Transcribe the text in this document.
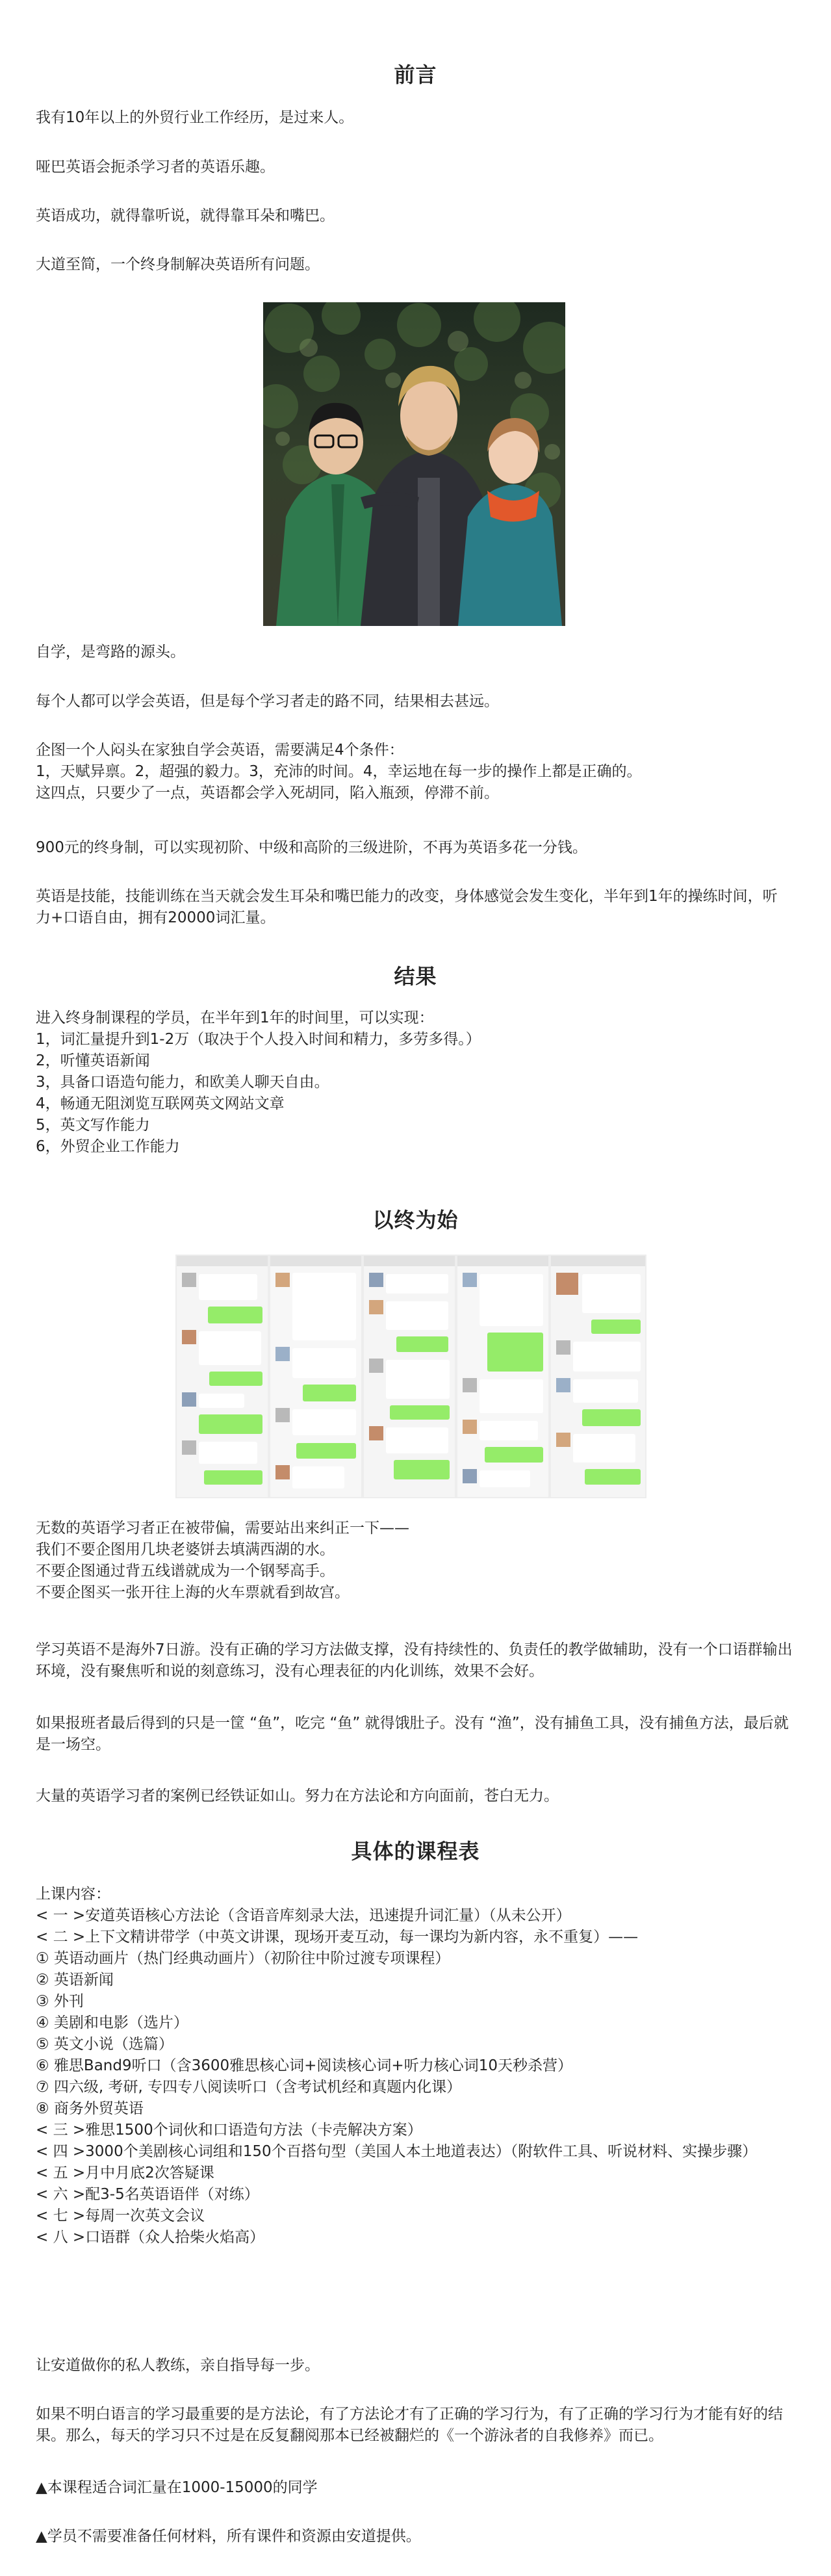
前言

我有10年以上的外贸行业工作经历，是过来人。

哑巴英语会扼杀学习者的英语乐趣。

英语成功，就得靠听说，就得靠耳朵和嘴巴。

大道至简，一个终身制解决英语所有问题。

自学，是弯路的源头。

每个人都可以学会英语，但是每个学习者走的路不同，结果相去甚远。

企图一个人闷头在家独自学会英语，需要满足4个条件：
1，天赋异禀。2，超强的毅力。3，充沛的时间。4，幸运地在每一步的操作上都是正确的。
这四点，只要少了一点，英语都会学入死胡同，陷入瓶颈，停滞不前。

900元的终身制，可以实现初阶、中级和高阶的三级进阶，不再为英语多花一分钱。

英语是技能，技能训练在当天就会发生耳朵和嘴巴能力的改变，身体感觉会发生变化，半年到1年的操练时间，听力+口语自由，拥有20000词汇量。

结果
进入终身制课程的学员，在半年到1年的时间里，可以实现：
1，词汇量提升到1-2万（取决于个人投入时间和精力，多劳多得。）
2，听懂英语新闻
3，具备口语造句能力，和欧美人聊天自由。
4，畅通无阻浏览互联网英文网站文章
5，英文写作能力
6，外贸企业工作能力
以终为始
无数的英语学习者正在被带偏，需要站出来纠正一下——
我们不要企图用几块老婆饼去填满西湖的水。
不要企图通过背五线谱就成为一个钢琴高手。
不要企图买一张开往上海的火车票就看到故宫。

学习英语不是海外7日游。没有正确的学习方法做支撑，没有持续性的、负责任的教学做辅助，没有一个口语群输出环境，没有聚焦听和说的刻意练习，没有心理表征的内化训练，效果不会好。

如果报班者最后得到的只是一筐 “鱼”，吃完 “鱼” 就得饿肚子。没有 “渔”，没有捕鱼工具，没有捕鱼方法，最后就是一场空。

大量的英语学习者的案例已经铁证如山。努力在方法论和方向面前，苍白无力。

具体的课程表
上课内容：
< 一 >安道英语核心方法论（含语音库刻录大法，迅速提升词汇量）（从未公开）
< 二 >上下文精讲带学（中英文讲课，现场开麦互动，每一课均为新内容，永不重复）——
① 英语动画片（热门经典动画片）（初阶往中阶过渡专项课程）
② 英语新闻
③ 外刊
④ 美剧和电影（选片）
⑤ 英文小说（选篇）
⑥ 雅思Band9听口（含3600雅思核心词+阅读核心词+听力核心词10天秒杀营）
⑦ 四六级, 考研, 专四专八阅读听口（含考试机经和真题内化课）
⑧ 商务外贸英语
< 三 >雅思1500个词伙和口语造句方法（卡壳解决方案）
< 四 >3000个美剧核心词组和150个百搭句型（美国人本土地道表达）（附软件工具、听说材料、实操步骤）
< 五 >月中月底2次答疑课
< 六 >配3-5名英语语伴（对练）
< 七 >每周一次英文会议
< 八 >口语群（众人拾柴火焰高）

让安道做你的私人教练，亲自指导每一步。

如果不明白语言的学习最重要的是方法论，有了方法论才有了正确的学习行为，有了正确的学习行为才能有好的结果。那么，每天的学习只不过是在反复翻阅那本已经被翻烂的《一个游泳者的自我修养》而已。

▲本课程适合词汇量在1000-15000的同学

▲学员不需要准备任何材料，所有课件和资源由安道提供。
